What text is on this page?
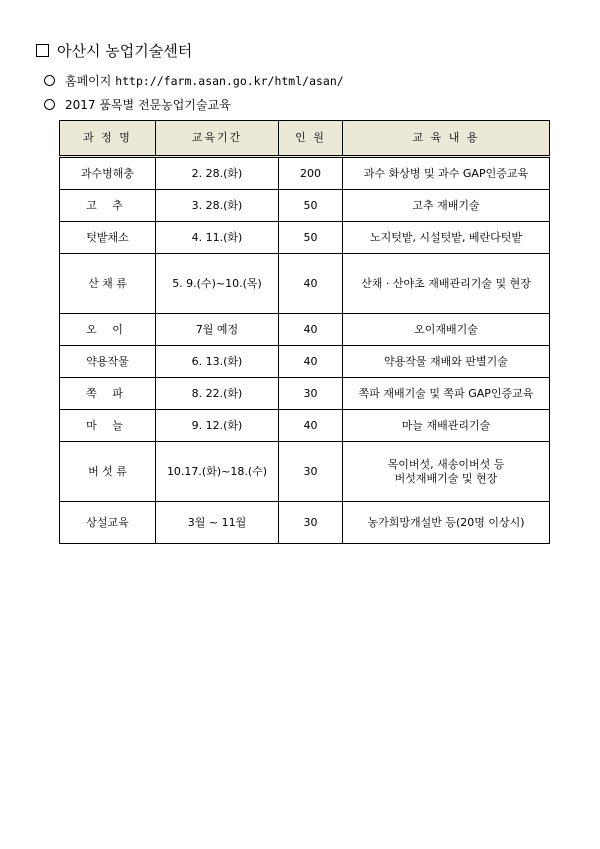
아산시 농업기술센터
홈페이지 http://farm.asan.go.kr/html/asan/
2017 품목별 전문농업기술교육
과 정 명	교육기간	인 원	교 육 내 용
과수병해충	2. 28.(화)	200	과수 화상병 및 과수 GAP인증교육
고 추	3. 28.(화)	50	고추 재배기술
텃밭채소	4. 11.(화)	50	노지텃밭, 시설텃밭, 베란다텃밭
산 채 류	5. 9.(수)~10.(목)	40	산채 · 산야초 재배관리기술 및 현장
오 이	7월 예정	40	오이재배기술
약용작물	6. 13.(화)	40	약용작물 재배와 판별기술
쪽 파	8. 22.(화)	30	쪽파 재배기술 및 쪽파 GAP인증교육
마 늘	9. 12.(화)	40	마늘 재배관리기술
버 섯 류	10.17.(화)~18.(수)	30	목이버섯, 새송이버섯 등
버섯재배기술 및 현장

상설교육	3월 ~ 11월	30	농가희망개설반 등(20명 이상시)
